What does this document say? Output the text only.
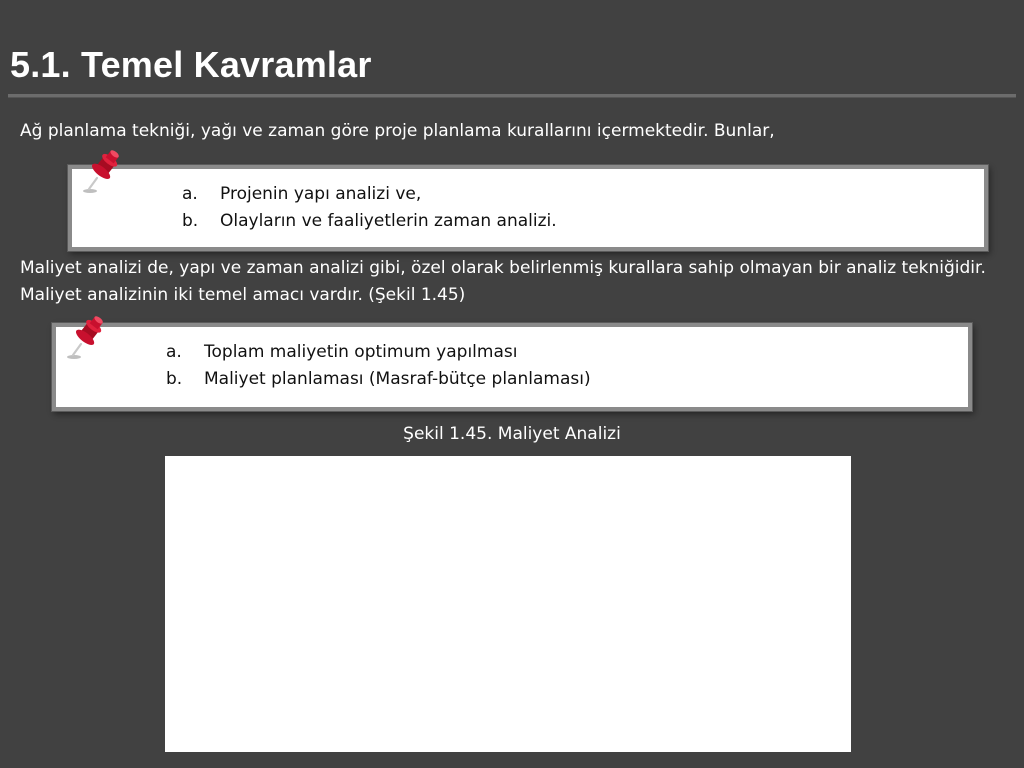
5.1. Temel Kavramlar

Ağ planlama tekniği, yağı ve zaman göre proje planlama kurallarını içermektedir. Bunlar,

a. Projenin yapı analizi ve,
b. Olayların ve faaliyetlerin zaman analizi.

Maliyet analizi de, yapı ve zaman analizi gibi, özel olarak belirlenmiş kurallara sahip olmayan bir analiz tekniğidir. Maliyet analizinin iki temel amacı vardır. (Şekil 1.45)

a. Toplam maliyetin optimum yapılması
b. Maliyet planlaması (Masraf-bütçe planlaması)

Şekil 1.45. Maliyet Analizi
